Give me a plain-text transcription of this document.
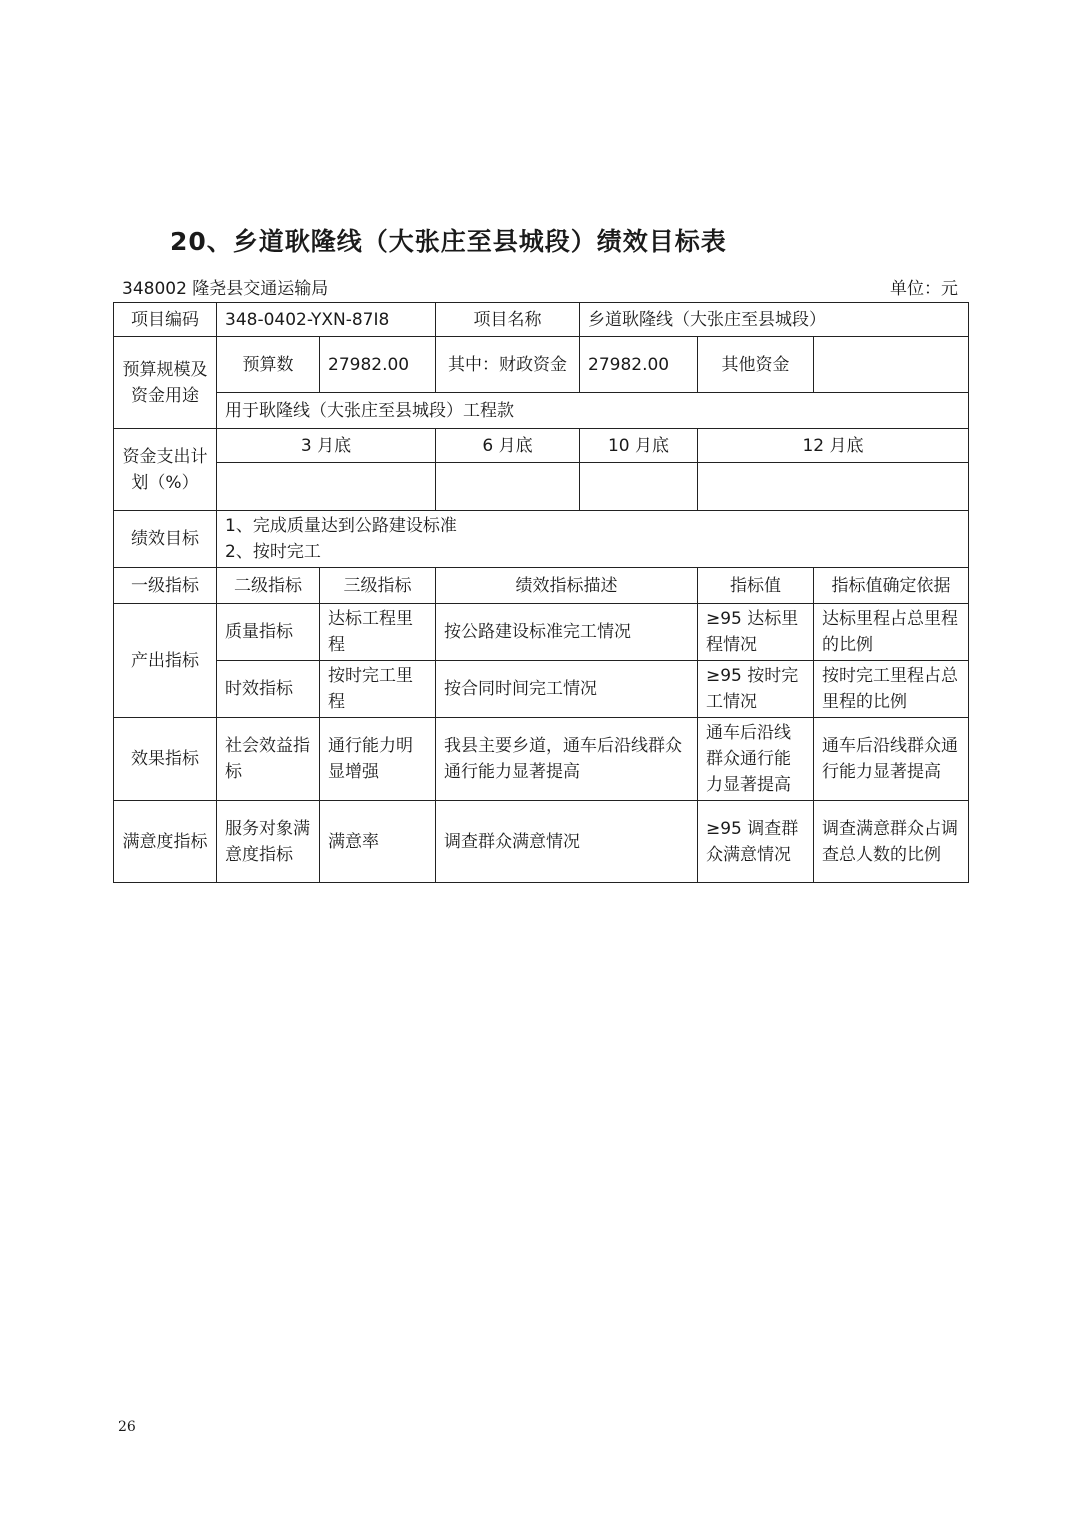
20、乡道耿隆线（大张庄至县城段）绩效目标表
348002 隆尧县交通运输局	单位：元
项目编码	348-0402-YXN-87I8		项目名称	乡道耿隆线（大张庄至县城段）		
预算规模及资金用途	预算数	27982.00	其中：财政资金	27982.00	其他资金	
	用于耿隆线（大张庄至县城段）工程款					
资金支出计划（%）	3 月底		6 月底	10 月底	12 月底	

绩效目标	1、完成质量达到公路建设标准
2、按时完工					

一级指标	二级指标	三级指标	绩效指标描述		指标值	指标值确定依据
产出指标	质量指标	达标工程里程	按公路建设标准完工情况		≥95 达标里程情况	达标里程占总里程的比例
	时效指标	按时完工里程	按合同时间完工情况		≥95 按时完工情况	按时完工里程占总里程的比例
效果指标	社会效益指标	通行能力明显增强	我县主要乡道，通车后沿线群众通行能力显著提高		通车后沿线群众通行能力显著提高	通车后沿线群众通行能力显著提高
满意度指标	服务对象满意度指标	满意率	调查群众满意情况		≥95 调查群众满意情况	调查满意群众占调查总人数的比例
26
